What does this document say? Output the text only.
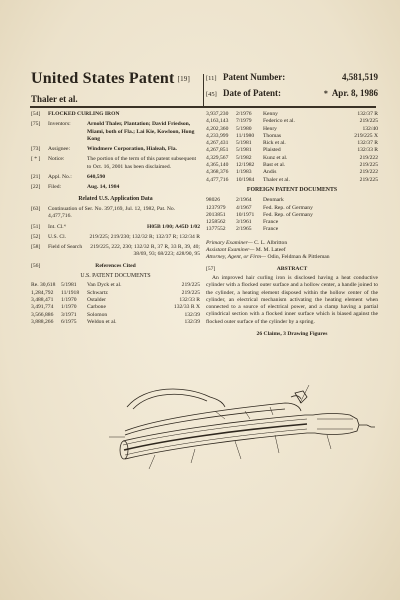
United States Patent [19]
Thaler et al.
[11] Patent Number:	4,581,519
[45] Date of Patent:	* Apr. 8, 1986
[54]	FLOCKED CURLING IRON
[75]	Inventors:	Arnold Thaler, Plantation; David Friedson, Miami, both of Fla.; Lai Kie, Kowloon, Hong Kong
[73]	Assignee:	Windmere Corporation, Hialeah, Fla.
[ * ]	Notice:	The portion of the term of this patent subsequent to Oct. 16, 2001 has been disclaimed.
[21]	Appl. No.:	640,590
[22]	Filed:	Aug. 14, 1984
Related U.S. Application Data
[63]	Continuation of Ser. No. 397,169, Jul. 12, 1982, Pat. No. 4,477,716.
[51]	Int. Cl.⁴	H05B 1/00; A45D 1/02
[52]	U.S. Cl.	219/225; 219/230; 132/32 R; 132/37 R; 132/34 R
[58]	Field of Search	219/225, 222, 230; 132/32 R, 37 R, 33 R, 39, 40; 38/69, 93; 68/223; 428/90, 95
[56]	References Cited
U.S. PATENT DOCUMENTS
Re. 30,618 5/1981	Van Dyck et al.	219/225
1,284,792	11/1918	Schwartz	219/225
3,488,471	1/1970	Ostalder	132/33 R
3,491,774	1/1970	Carbone	132/33 R X
3,566,886	3/1971	Solomon	132/39
3,888,266	6/1975	Weldon et al.	132/39
3,937,230	2/1976	Kenny	132/37 R
4,163,143	7/1979	Federico et al.	219/225
4,202,360	5/1980	Henry	132/40
4,233,999	11/1980	Thomas	219/225 X
4,267,431	5/1981	Rick et al.	132/37 R
4,267,851	5/1981	Plaisted	132/33 R
4,329,567	5/1982	Kunz et al.	219/222
4,365,140	12/1982	Bast et al.	219/225
4,368,376	1/1983	Andis	219/222
4,477,716	10/1984	Thaler et al.	219/225
FOREIGN PATENT DOCUMENTS
98026	2/1964	Denmark
1237979	4/1967	Fed. Rep. of Germany
2013851	10/1971	Fed. Rep. of Germany
1258562	3/1961	France
1377552	2/1965	France
Primary Examiner— C. L. Albritton
Assistant Examiner— M. M. Lateef
Attorney, Agent, or Firm— Odin, Feldman & Pittleman
[57]	ABSTRACT
An improved hair curling iron is disclosed having a heat conductive cylinder with a flocked outer surface and a hollow center, a handle joined to the cylinder, a heating element disposed within the hollow center of the cylinder, an electrical mechanism activating the heating element when connected to a source of electrical power, and a clamp having a partial cylindrical section with a flocked inner surface which is biased against the flocked outer surface of the cylinder by a spring.
26 Claims, 3 Drawing Figures
